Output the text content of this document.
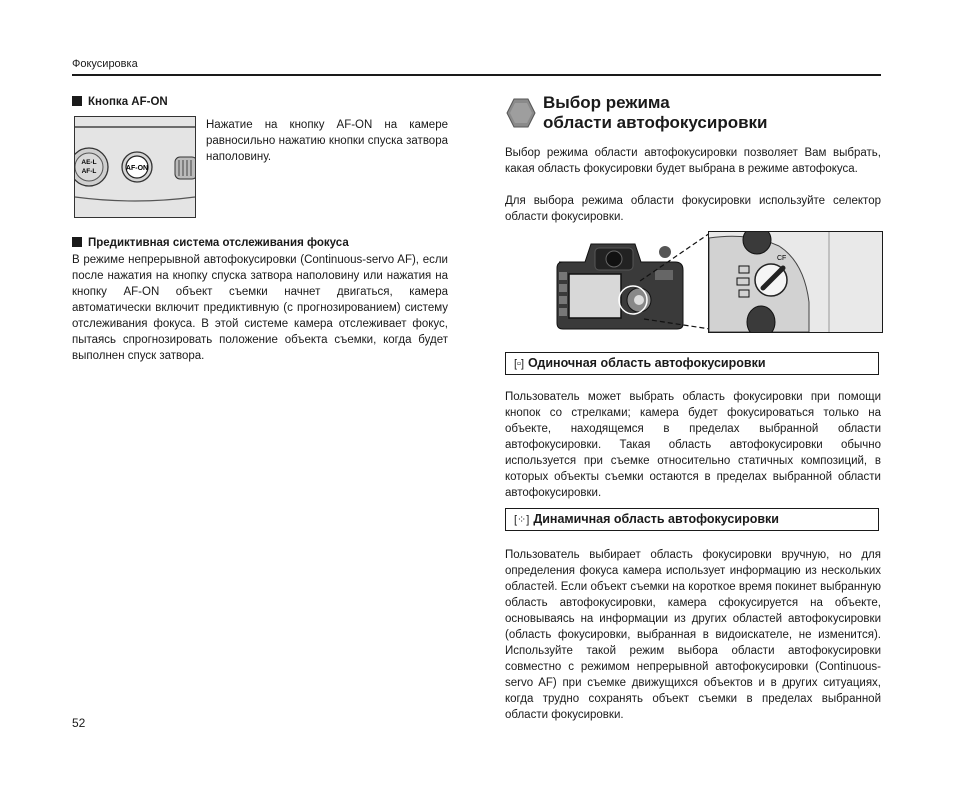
Фокусировка
Кнопка AF-ON
AE-L
AF-L	AF-ON
Нажатие на кнопку AF-ON на камере равносильно нажатию кнопки спуска затвора наполовину.
Предиктивная система отслеживания фокуса
В режиме непрерывной автофокусировки (Continuous-servo AF), если после нажатия на кнопку спуска затвора наполовину или нажатия на кнопку AF-ON объект съемки начнет двигаться, камера автоматически включит предиктивную (с прогнозированием) систему отслеживания фокуса. В этой системе камера отслеживает фокус, пытаясь спрогнозировать положение объекта съемки, когда будет выполнен спуск затвора.
Выбор режима
области автофокусировки
Выбор режима области автофокусировки позволяет Вам выбрать, какая область фокусировки будет выбрана в режиме автофокуса.
Для выбора режима области фокусировки используйте селектор области фокусировки.
CF
[▫] Одиночная область автофокусировки
Пользователь может выбрать область фокусировки при помощи кнопок со стрелками; камера будет фокусироваться только на объекте, находящемся в пределах выбранной области автофокусировки. Такая область автофокусировки обычно используется при съемке относительно статичных композиций, в которых объекты съемки остаются в пределах выбранной области автофокусировки.
[⁘] Динамичная область автофокусировки
Пользователь выбирает область фокусировки вручную, но для определения фокуса камера использует информацию из нескольких областей. Если объект съемки на короткое время покинет выбранную область автофокусировки, камера сфокусируется на объекте, основываясь на информации из других областей автофокусировки (область фокусировки, выбранная в видоискателе, не изменится). Используйте такой режим выбора области автофокусировки совместно с режимом непрерывной автофокусировки (Continuous-servo AF) при съемке движущихся объектов и в других ситуациях, когда трудно сохранять объект съемки в пределах выбранной области фокусировки.
52
